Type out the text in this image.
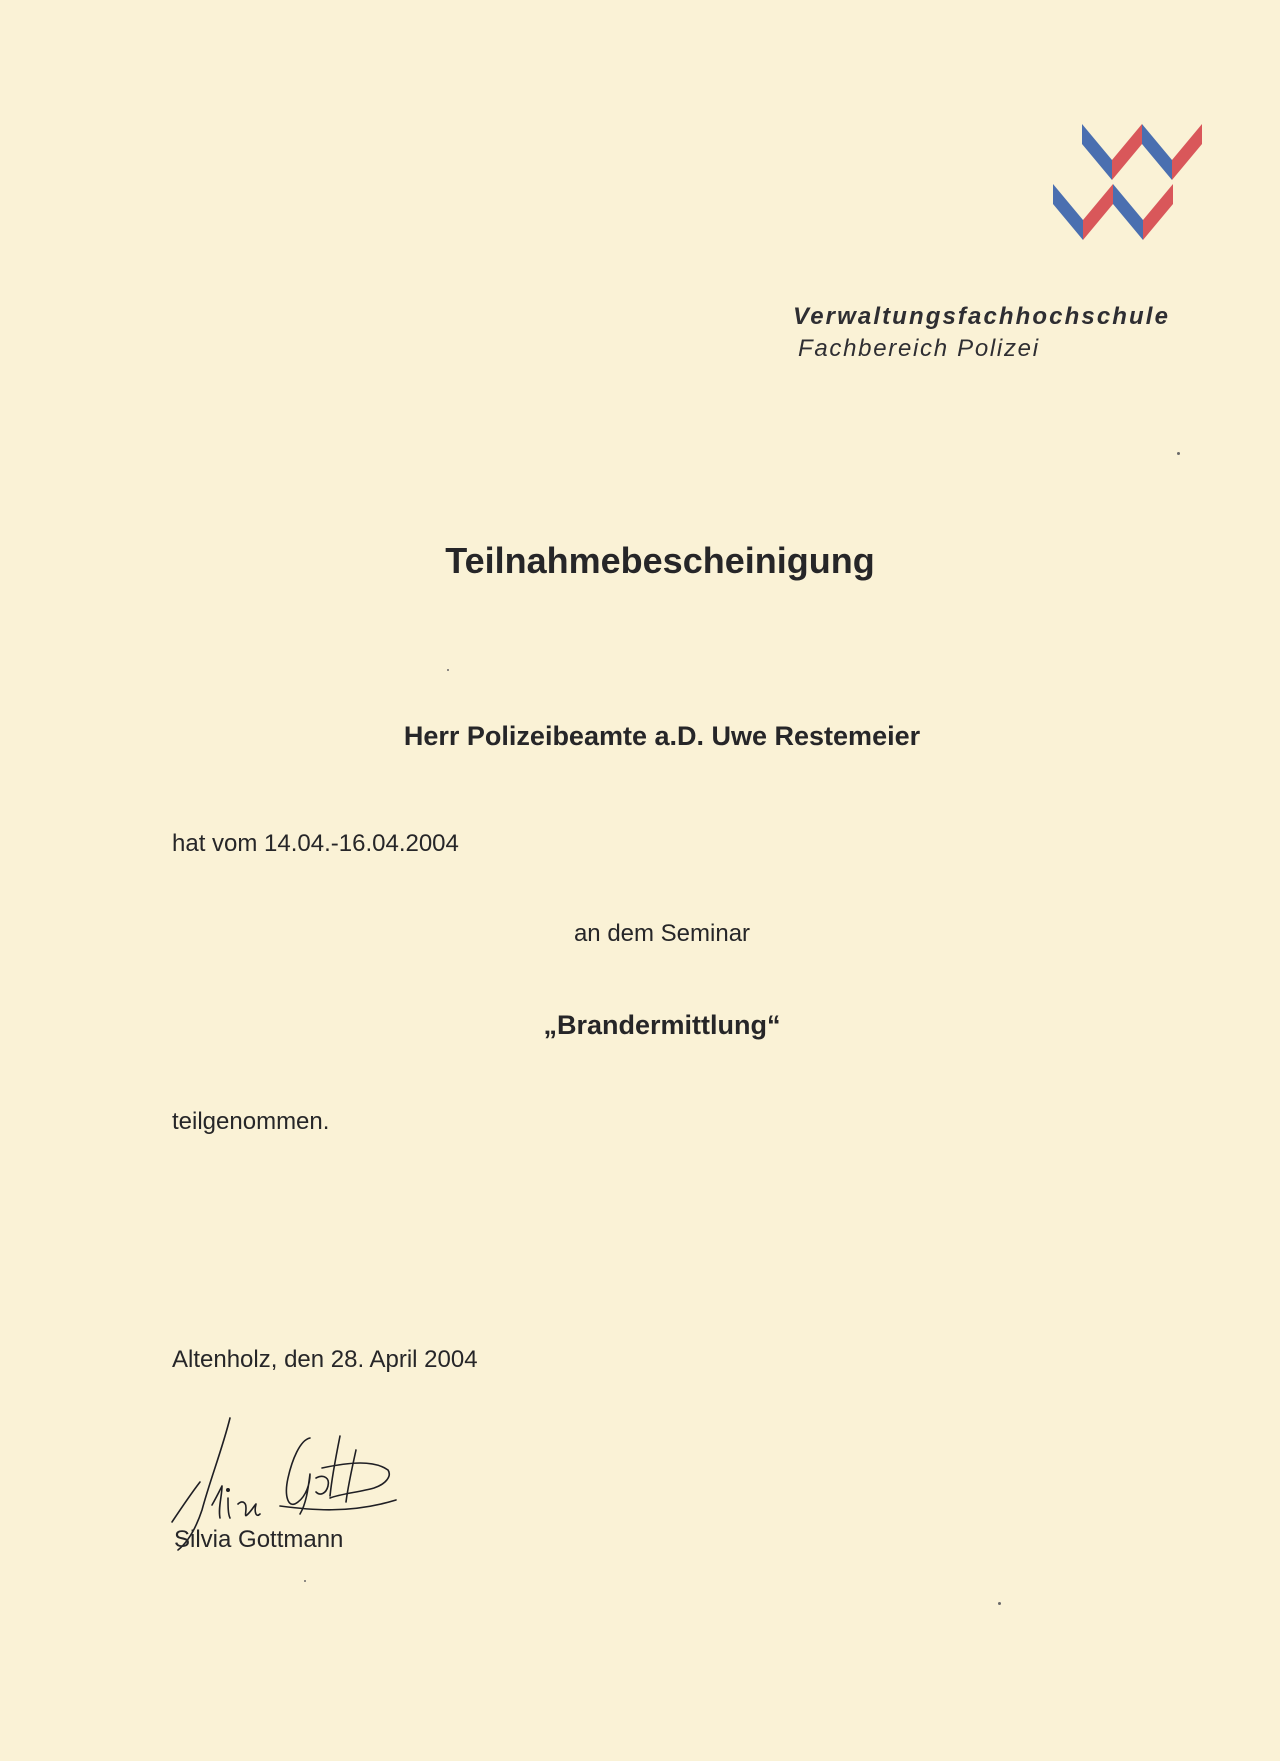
Verwaltungsfachhochschule
Fachbereich Polizei
Teilnahmebescheinigung
Herr Polizeibeamte a.D. Uwe Restemeier
hat vom 14.04.-16.04.2004
an dem Seminar
„Brandermittlung“
teilgenommen.
Altenholz, den 28. April 2004
Silvia Gottmann
